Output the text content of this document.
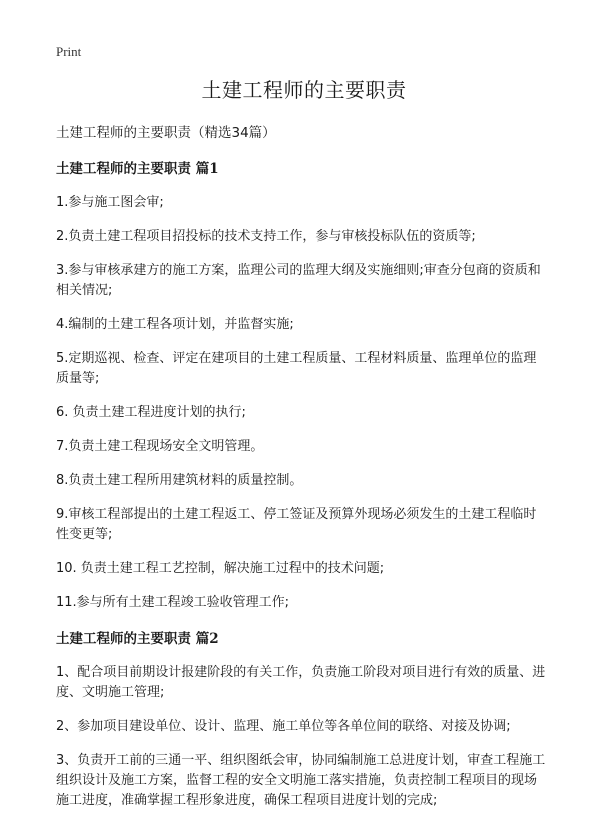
Print
土建工程师的主要职责
土建工程师的主要职责（精选34篇）
土建工程师的主要职责 篇1
1.参与施工图会审;
2.负责土建工程项目招投标的技术支持工作，参与审核投标队伍的资质等;
3.参与审核承建方的施工方案，监理公司的监理大纲及实施细则;审查分包商的资质和相关情况;
4.编制的土建工程各项计划，并监督实施;
5.定期巡视、检查、评定在建项目的土建工程质量、工程材料质量、监理单位的监理质量等;
6. 负责土建工程进度计划的执行;
7.负责土建工程现场安全文明管理。
8.负责土建工程所用建筑材料的质量控制。
9.审核工程部提出的土建工程返工、停工签证及预算外现场必须发生的土建工程临时性变更等;
10. 负责土建工程工艺控制，解决施工过程中的技术问题;
11.参与所有土建工程竣工验收管理工作;
土建工程师的主要职责 篇2
1、配合项目前期设计报建阶段的有关工作，负责施工阶段对项目进行有效的质量、进度、文明施工管理;
2、参加项目建设单位、设计、监理、施工单位等各单位间的联络、对接及协调;
3、负责开工前的三通一平、组织图纸会审，协同编制施工总进度计划，审查工程施工组织设计及施工方案，监督工程的安全文明施工落实措施，负责控制工程项目的现场施工进度，准确掌握工程形象进度，确保工程项目进度计划的完成;
